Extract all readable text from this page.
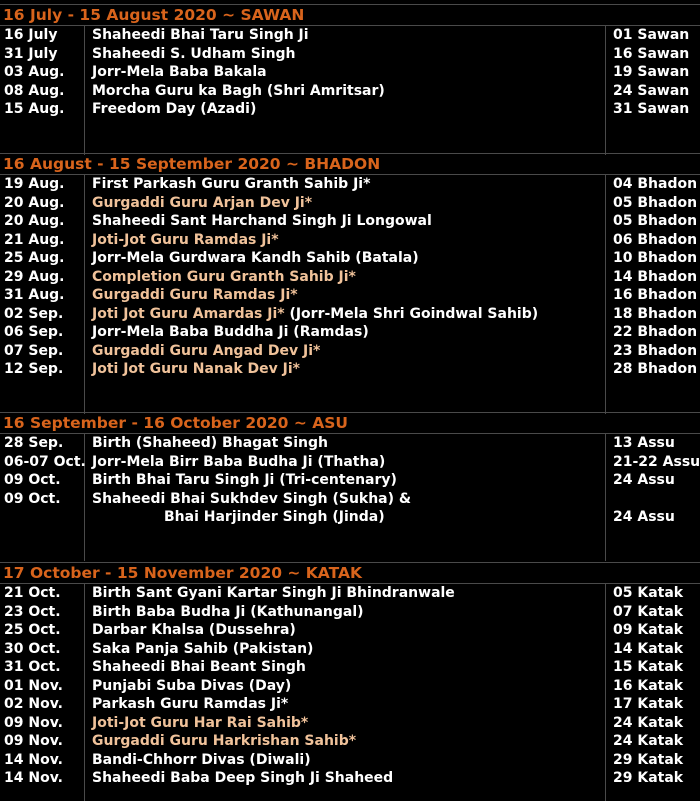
16 July - 15 August 2020 ~ SAWAN
16 July Shaheedi Bhai Taru Singh Ji	01 Sawan
31 July Shaheedi S. Udham Singh	16 Sawan
03 Aug. Jorr-Mela Baba Bakala	19 Sawan
08 Aug. Morcha Guru ka Bagh (Shri Amritsar)	24 Sawan
15 Aug. Freedom Day (Azadi)	31 Sawan
16 August - 15 September 2020 ~ BHADON
19 Aug. First Parkash Guru Granth Sahib Ji*	04 Bhadon
20 Aug. Gurgaddi Guru Arjan Dev Ji*	05 Bhadon
20 Aug. Shaheedi Sant Harchand Singh Ji Longowal	05 Bhadon
21 Aug. Joti-Jot Guru Ramdas Ji*	06 Bhadon
25 Aug. Jorr-Mela Gurdwara Kandh Sahib (Batala)	10 Bhadon
29 Aug. Completion Guru Granth Sahib Ji*	14 Bhadon
31 Aug. Gurgaddi Guru Ramdas Ji*	16 Bhadon
02 Sep. Joti Jot Guru Amardas Ji* (Jorr-Mela Shri Goindwal Sahib)	18 Bhadon
06 Sep. Jorr-Mela Baba Buddha Ji (Ramdas)	22 Bhadon
07 Sep. Gurgaddi Guru Angad Dev Ji*	23 Bhadon
12 Sep. Joti Jot Guru Nanak Dev Ji*	28 Bhadon
16 September - 16 October 2020 ~ ASU
28 Sep. Birth (Shaheed) Bhagat Singh	13 Assu
06-07 Oct. Jorr-Mela Birr Baba Budha Ji (Thatha)	21-22 Assu
09 Oct. Birth Bhai Taru Singh Ji (Tri-centenary)	24 Assu
09 Oct. Shaheedi Bhai Sukhdev Singh (Sukha) &
Bhai Harjinder Singh (Jinda)	24 Assu
17 October - 15 November 2020 ~ KATAK
21 Oct. Birth Sant Gyani Kartar Singh Ji Bhindranwale	05 Katak
23 Oct. Birth Baba Budha Ji (Kathunangal)	07 Katak
25 Oct. Darbar Khalsa (Dussehra)	09 Katak
30 Oct. Saka Panja Sahib (Pakistan)	14 Katak
31 Oct. Shaheedi Bhai Beant Singh	15 Katak
01 Nov. Punjabi Suba Divas (Day)	16 Katak
02 Nov. Parkash Guru Ramdas Ji*	17 Katak
09 Nov. Joti-Jot Guru Har Rai Sahib*	24 Katak
09 Nov. Gurgaddi Guru Harkrishan Sahib*	24 Katak
14 Nov. Bandi-Chhorr Divas (Diwali)	29 Katak
14 Nov. Shaheedi Baba Deep Singh Ji Shaheed	29 Katak
